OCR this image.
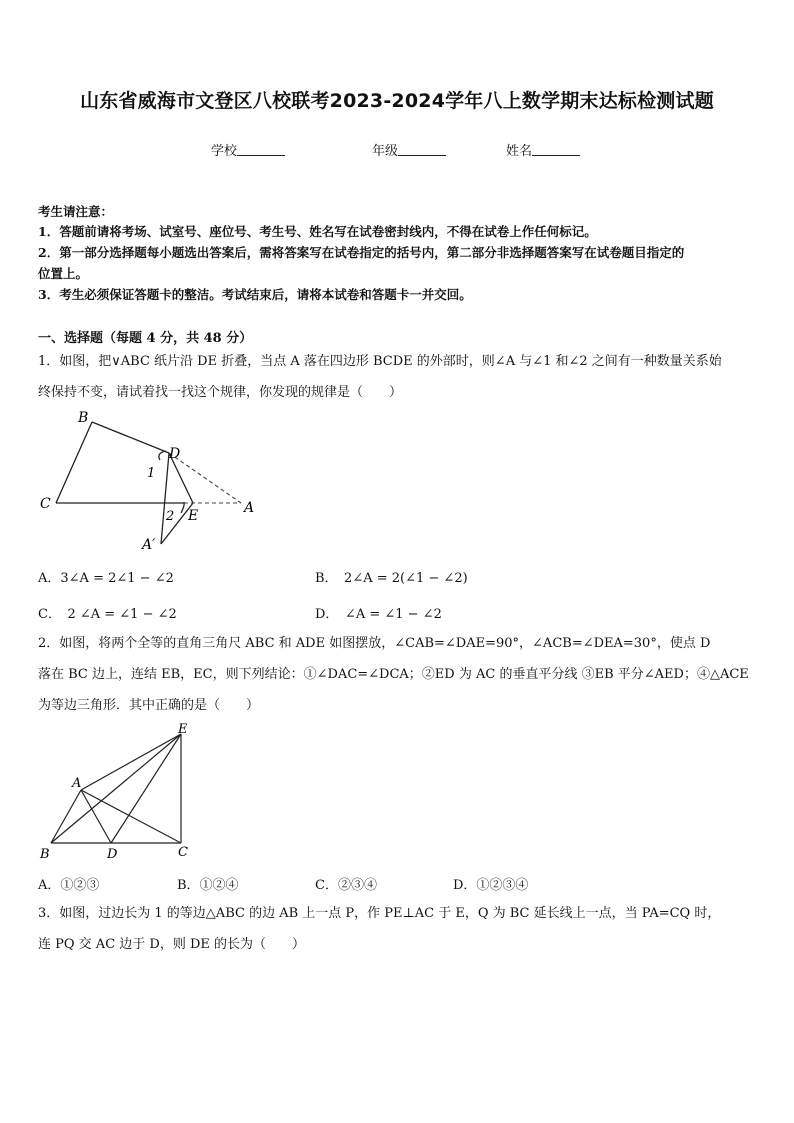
山东省威海市文登区八校联考2023-2024学年八上数学期末达标检测试题
学校	年级	姓名
考生请注意：
1．答题前请将考场、试室号、座位号、考生号、姓名写在试卷密封线内，不得在试卷上作任何标记。
2．第一部分选择题每小题选出答案后，需将答案写在试卷指定的括号内，第二部分非选择题答案写在试卷题目指定的
位置上。
3．考生必须保证答题卡的整洁。考试结束后，请将本试卷和答题卡一并交回。
一、选择题（每题 4 分，共 48 分）
1．如图，把∨ABC 纸片沿 DE 折叠，当点 A 落在四边形 BCDE 的外部时，则∠A 与∠1 和∠2 之间有一种数量关系始
终保持不变，请试着找一找这个规律，你发现的规律是（　　）
B
D
C	A
E
A′
1
2
A．3∠A = 2∠1 − ∠2	B．　2∠A = 2(∠1 − ∠2)
C．　2 ∠A = ∠1 − ∠2	D．　∠A = ∠1 − ∠2
2．如图，将两个全等的直角三角尺 ABC 和 ADE 如图摆放，∠CAB=∠DAE=90°，∠ACB=∠DEA=30°，使点 D
落在 BC 边上，连结 EB，EC，则下列结论：①∠DAC=∠DCA；②ED 为 AC 的垂直平分线 ③EB 平分∠AED；④△ACE
为等边三角形．其中正确的是（　　）
E
A
B	D	C
A．①②③	B．①②④	C．②③④	D．①②③④
3．如图，过边长为 1 的等边△ABC 的边 AB 上一点 P，作 PE⊥AC 于 E，Q 为 BC 延长线上一点，当 PA=CQ 时，
连 PQ 交 AC 边于 D，则 DE 的长为（　　）
